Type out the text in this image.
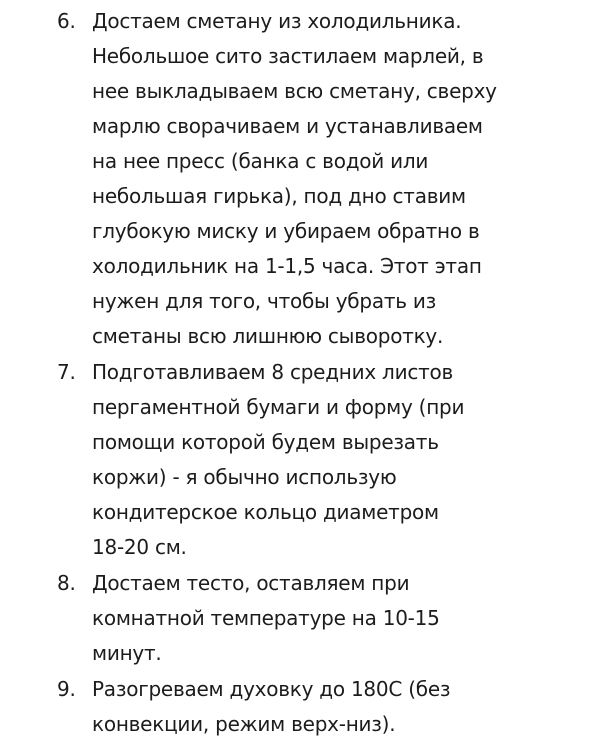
6. Достаем сметану из холодильника.
Небольшое сито застилаем марлей, в
нее выкладываем всю сметану, сверху
марлю сворачиваем и устанавливаем
на нее пресс (банка с водой или
небольшая гирька), под дно ставим
глубокую миску и убираем обратно в
холодильник на 1-1,5 часа. Этот этап
нужен для того, чтобы убрать из
сметаны всю лишнюю сыворотку.
7. Подготавливаем 8 средних листов
пергаментной бумаги и форму (при
помощи которой будем вырезать
коржи) - я обычно использую
кондитерское кольцо диаметром
18-20 см.
8. Достаем тесто, оставляем при
комнатной температуре на 10-15
минут.
9. Разогреваем духовку до 180С (без
конвекции, режим верх-низ).
